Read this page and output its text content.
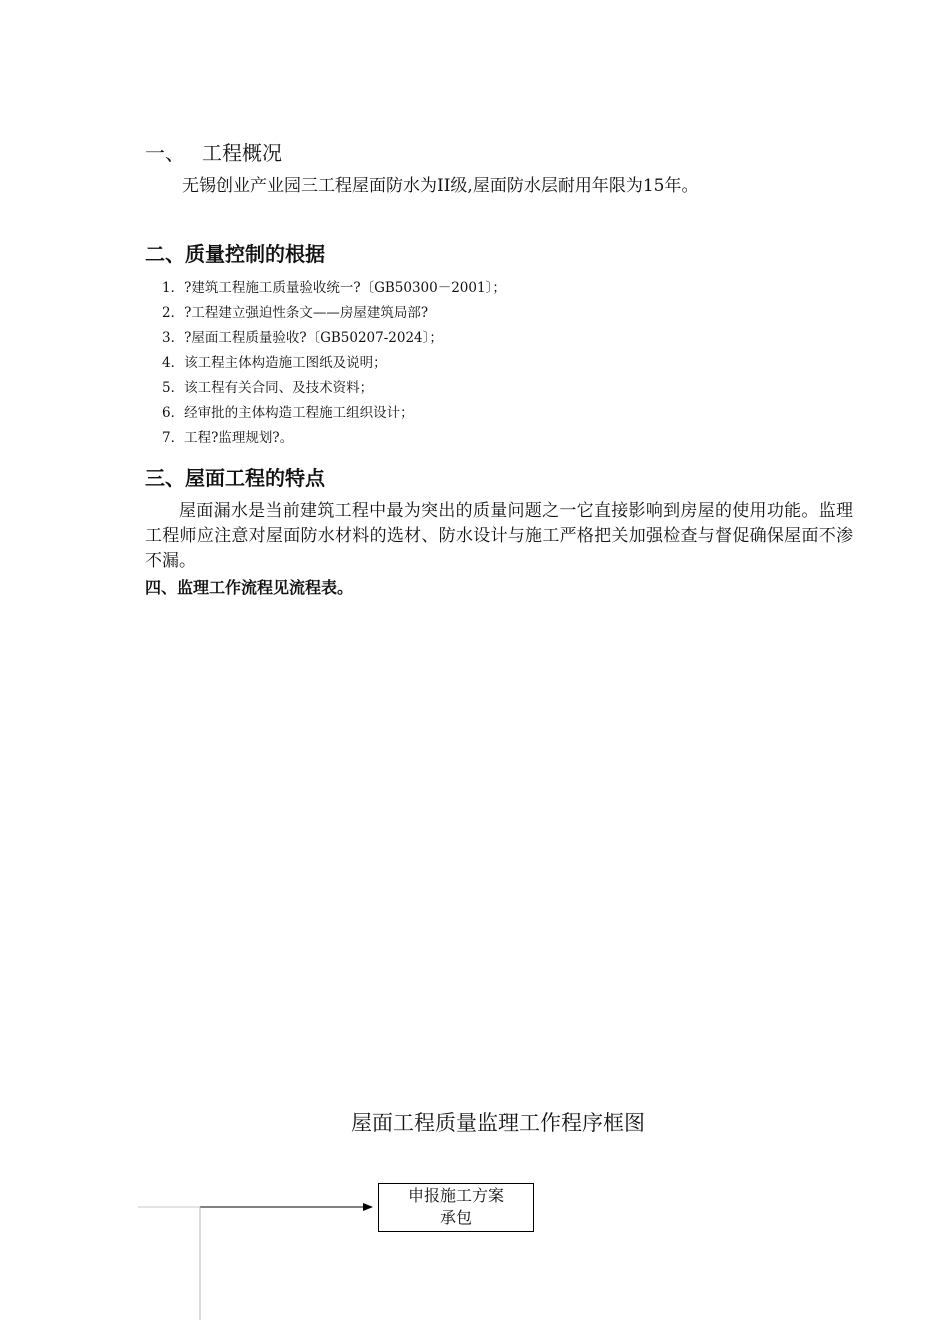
一、 工程概况
无锡创业产业园三工程屋面防水为II级,屋面防水层耐用年限为15年。
二、质量控制的根据
1．?建筑工程施工质量验收统一?〔GB50300－2001〕；
2．?工程建立强迫性条文——房屋建筑局部?
3．?屋面工程质量验收?〔GB50207-2024〕；
4．该工程主体构造施工图纸及说明；
5．该工程有关合同、及技术资料；
6．经审批的主体构造工程施工组织设计；
7．工程?监理规划?。
三、屋面工程的特点
屋面漏水是当前建筑工程中最为突出的质量问题之一它直接影响到房屋的使用功能。监理工程师应注意对屋面防水材料的选材、防水设计与施工严格把关加强检查与督促确保屋面不渗不漏。
四、监理工作流程见流程表。
屋面工程质量监理工作程序框图
申报施工方案
承包
